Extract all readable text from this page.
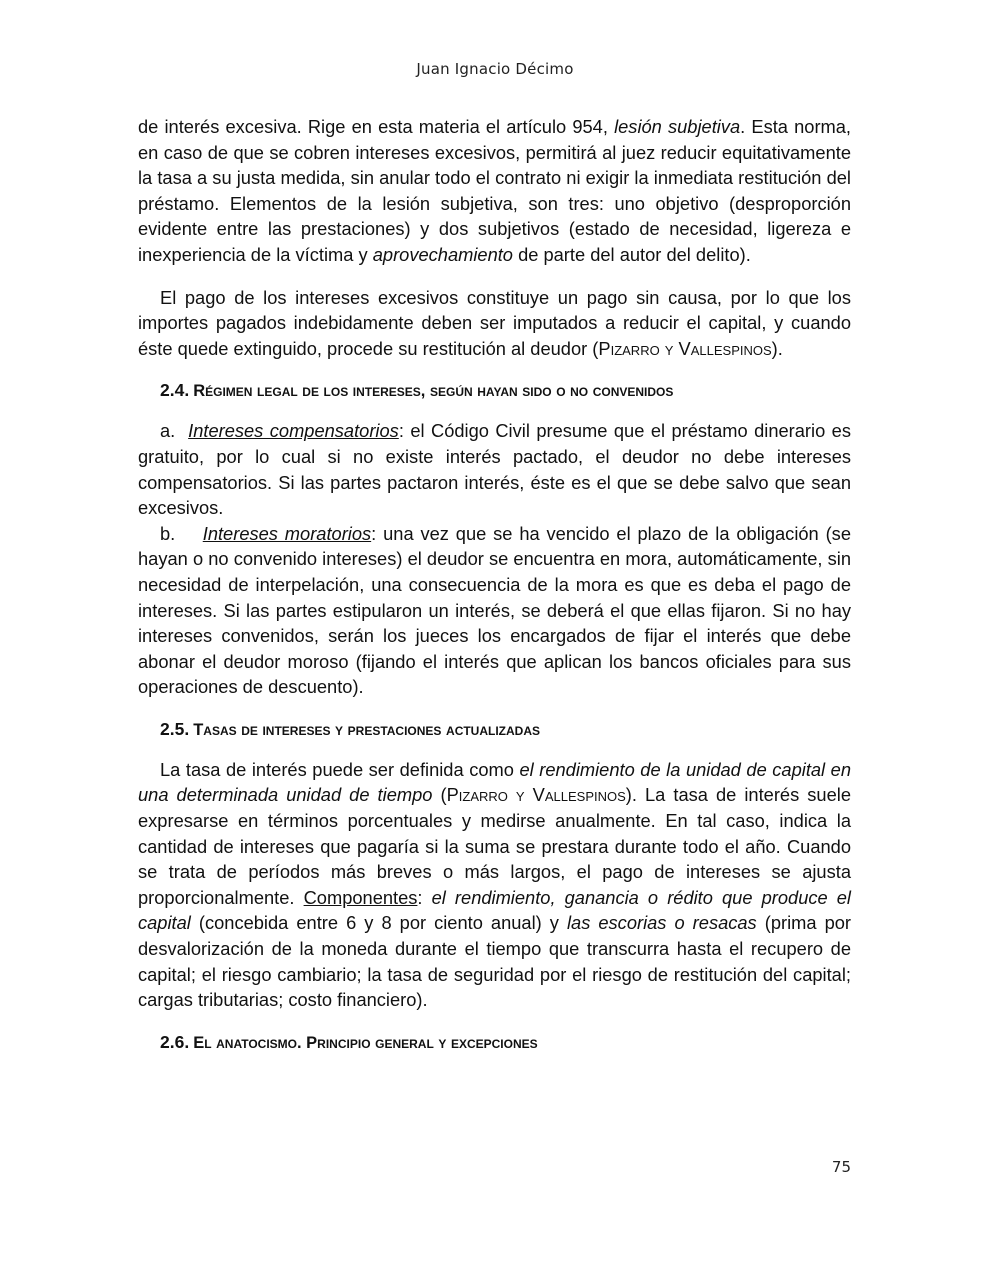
Juan Ignacio Décimo

de interés excesiva. Rige en esta materia el artículo 954, lesión subjetiva. Esta norma, en caso de que se cobren intereses excesivos, permitirá al juez reducir equitativamente la tasa a su justa medida, sin anular todo el contrato ni exigir la inmediata restitución del préstamo. Elementos de la lesión subjetiva, son tres: uno objetivo (desproporción evidente entre las prestaciones) y dos subjetivos (estado de necesidad, ligereza e inexperiencia de la víctima y aprovechamiento de parte del autor del delito).

El pago de los intereses excesivos constituye un pago sin causa, por lo que los importes pagados indebidamente deben ser imputados a reducir el capital, y cuando éste quede extinguido, procede su restitución al deudor (Pizarro y Vallespinos).

2.4. Régimen legal de los intereses, según hayan sido o no convenidos

a. Intereses compensatorios: el Código Civil presume que el préstamo dinerario es gratuito, por lo cual si no existe interés pactado, el deudor no debe intereses compensatorios. Si las partes pactaron interés, éste es el que se debe salvo que sean excesivos.

b. Intereses moratorios: una vez que se ha vencido el plazo de la obligación (se hayan o no convenido intereses) el deudor se encuentra en mora, automáticamente, sin necesidad de interpelación, una consecuencia de la mora es que es deba el pago de intereses. Si las partes estipularon un interés, se deberá el que ellas fijaron. Si no hay intereses convenidos, serán los jueces los encargados de fijar el interés que debe abonar el deudor moroso (fijando el interés que aplican los bancos oficiales para sus operaciones de descuento).

2.5. Tasas de intereses y prestaciones actualizadas

La tasa de interés puede ser definida como el rendimiento de la unidad de capital en una determinada unidad de tiempo (Pizarro y Vallespinos). La tasa de interés suele expresarse en términos porcentuales y medirse anualmente. En tal caso, indica la cantidad de intereses que pagaría si la suma se prestara durante todo el año. Cuando se trata de períodos más breves o más largos, el pago de intereses se ajusta proporcionalmente. Componentes: el rendimiento, ganancia o rédito que produce el capital (concebida entre 6 y 8 por ciento anual) y las escorias o resacas (prima por desvalorización de la moneda durante el tiempo que transcurra hasta el recupero de capital; el riesgo cambiario; la tasa de seguridad por el riesgo de restitución del capital; cargas tributarias; costo financiero).

2.6. El anatocismo. Principio general y excepciones
75
